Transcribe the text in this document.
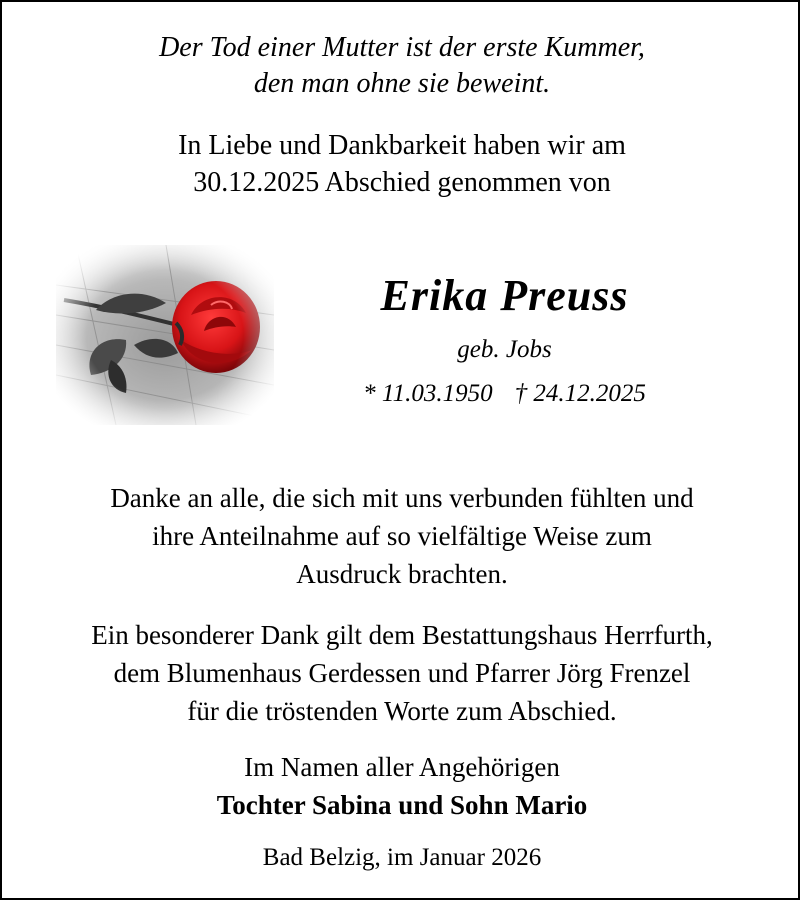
Der Tod einer Mutter ist der erste Kummer,
den man ohne sie beweint.
In Liebe und Dankbarkeit haben wir am
30.12.2025 Abschied genommen von
Erika Preuss
geb. Jobs
* 11.03.1950 † 24.12.2025
Danke an alle, die sich mit uns verbunden fühlten und
ihre Anteilnahme auf so vielfältige Weise zum
Ausdruck brachten.
Ein besonderer Dank gilt dem Bestattungshaus Herrfurth,
dem Blumenhaus Gerdessen und Pfarrer Jörg Frenzel
für die tröstenden Worte zum Abschied.
Im Namen aller Angehörigen
Tochter Sabina und Sohn Mario
Bad Belzig, im Januar 2026
